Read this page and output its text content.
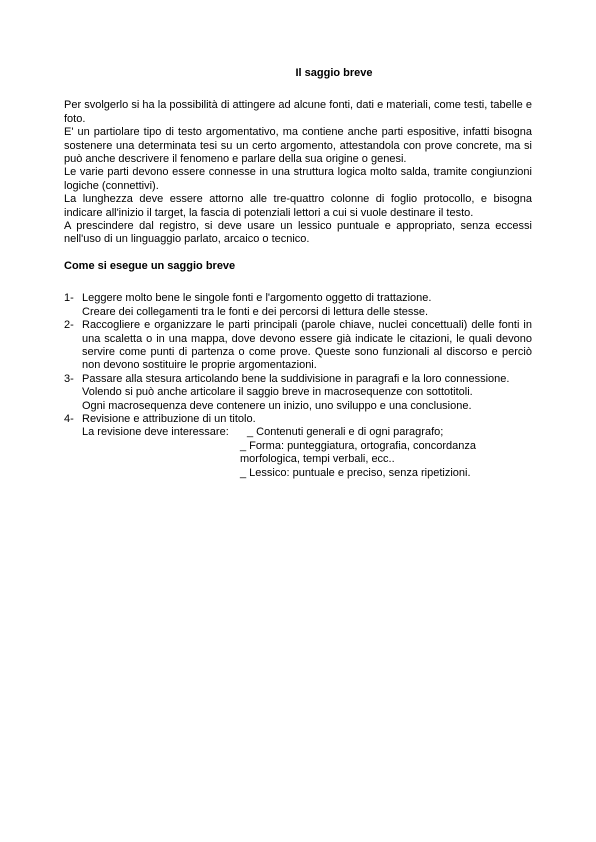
Il saggio breve

Per svolgerlo si ha la possibilità di attingere ad alcune fonti, dati e materiali, come testi, tabelle e foto.

E' un partiolare tipo di testo argomentativo, ma contiene anche parti espositive, infatti bisogna sostenere una determinata tesi su un certo argomento, attestandola con prove concrete, ma si può anche descrivere il fenomeno e parlare della sua origine o genesi.

Le varie parti devono essere connesse in una struttura logica molto salda, tramite congiunzioni logiche (connettivi).

La lunghezza deve essere attorno alle tre-quattro colonne di foglio protocollo, e bisogna indicare all'inizio il target, la fascia di potenziali lettori a cui si vuole destinare il testo.

A prescindere dal registro, si deve usare un lessico puntuale e appropriato, senza eccessi nell'uso di un linguaggio parlato, arcaico o tecnico.

Come si esegue un saggio breve
1- Leggere molto bene le singole fonti e l'argomento oggetto di trattazione.

Creare dei collegamenti tra le fonti e dei percorsi di lettura delle stesse.

2- Raccogliere e organizzare le parti principali (parole chiave, nuclei concettuali) delle fonti in una scaletta o in una mappa, dove devono essere già indicate le citazioni, le quali devono servire come punti di partenza o come prove. Queste sono funzionali al discorso e perciò non devono sostituire le proprie argomentazioni.

3- Passare alla stesura articolando bene la suddivisione in paragrafi e la loro connessione.

Volendo si può anche articolare il saggio breve in macrosequenze con sottotitoli.

Ogni macrosequenza deve contenere un inizio, uno sviluppo e una conclusione.

4- Revisione e attribuzione di un titolo.

La revisione deve interessare: _ Contenuti generali e di ogni paragrafo;
_ Forma: punteggiatura, ortografia, concordanza
morfologica, tempi verbali, ecc..
_ Lessico: puntuale e preciso, senza ripetizioni.
